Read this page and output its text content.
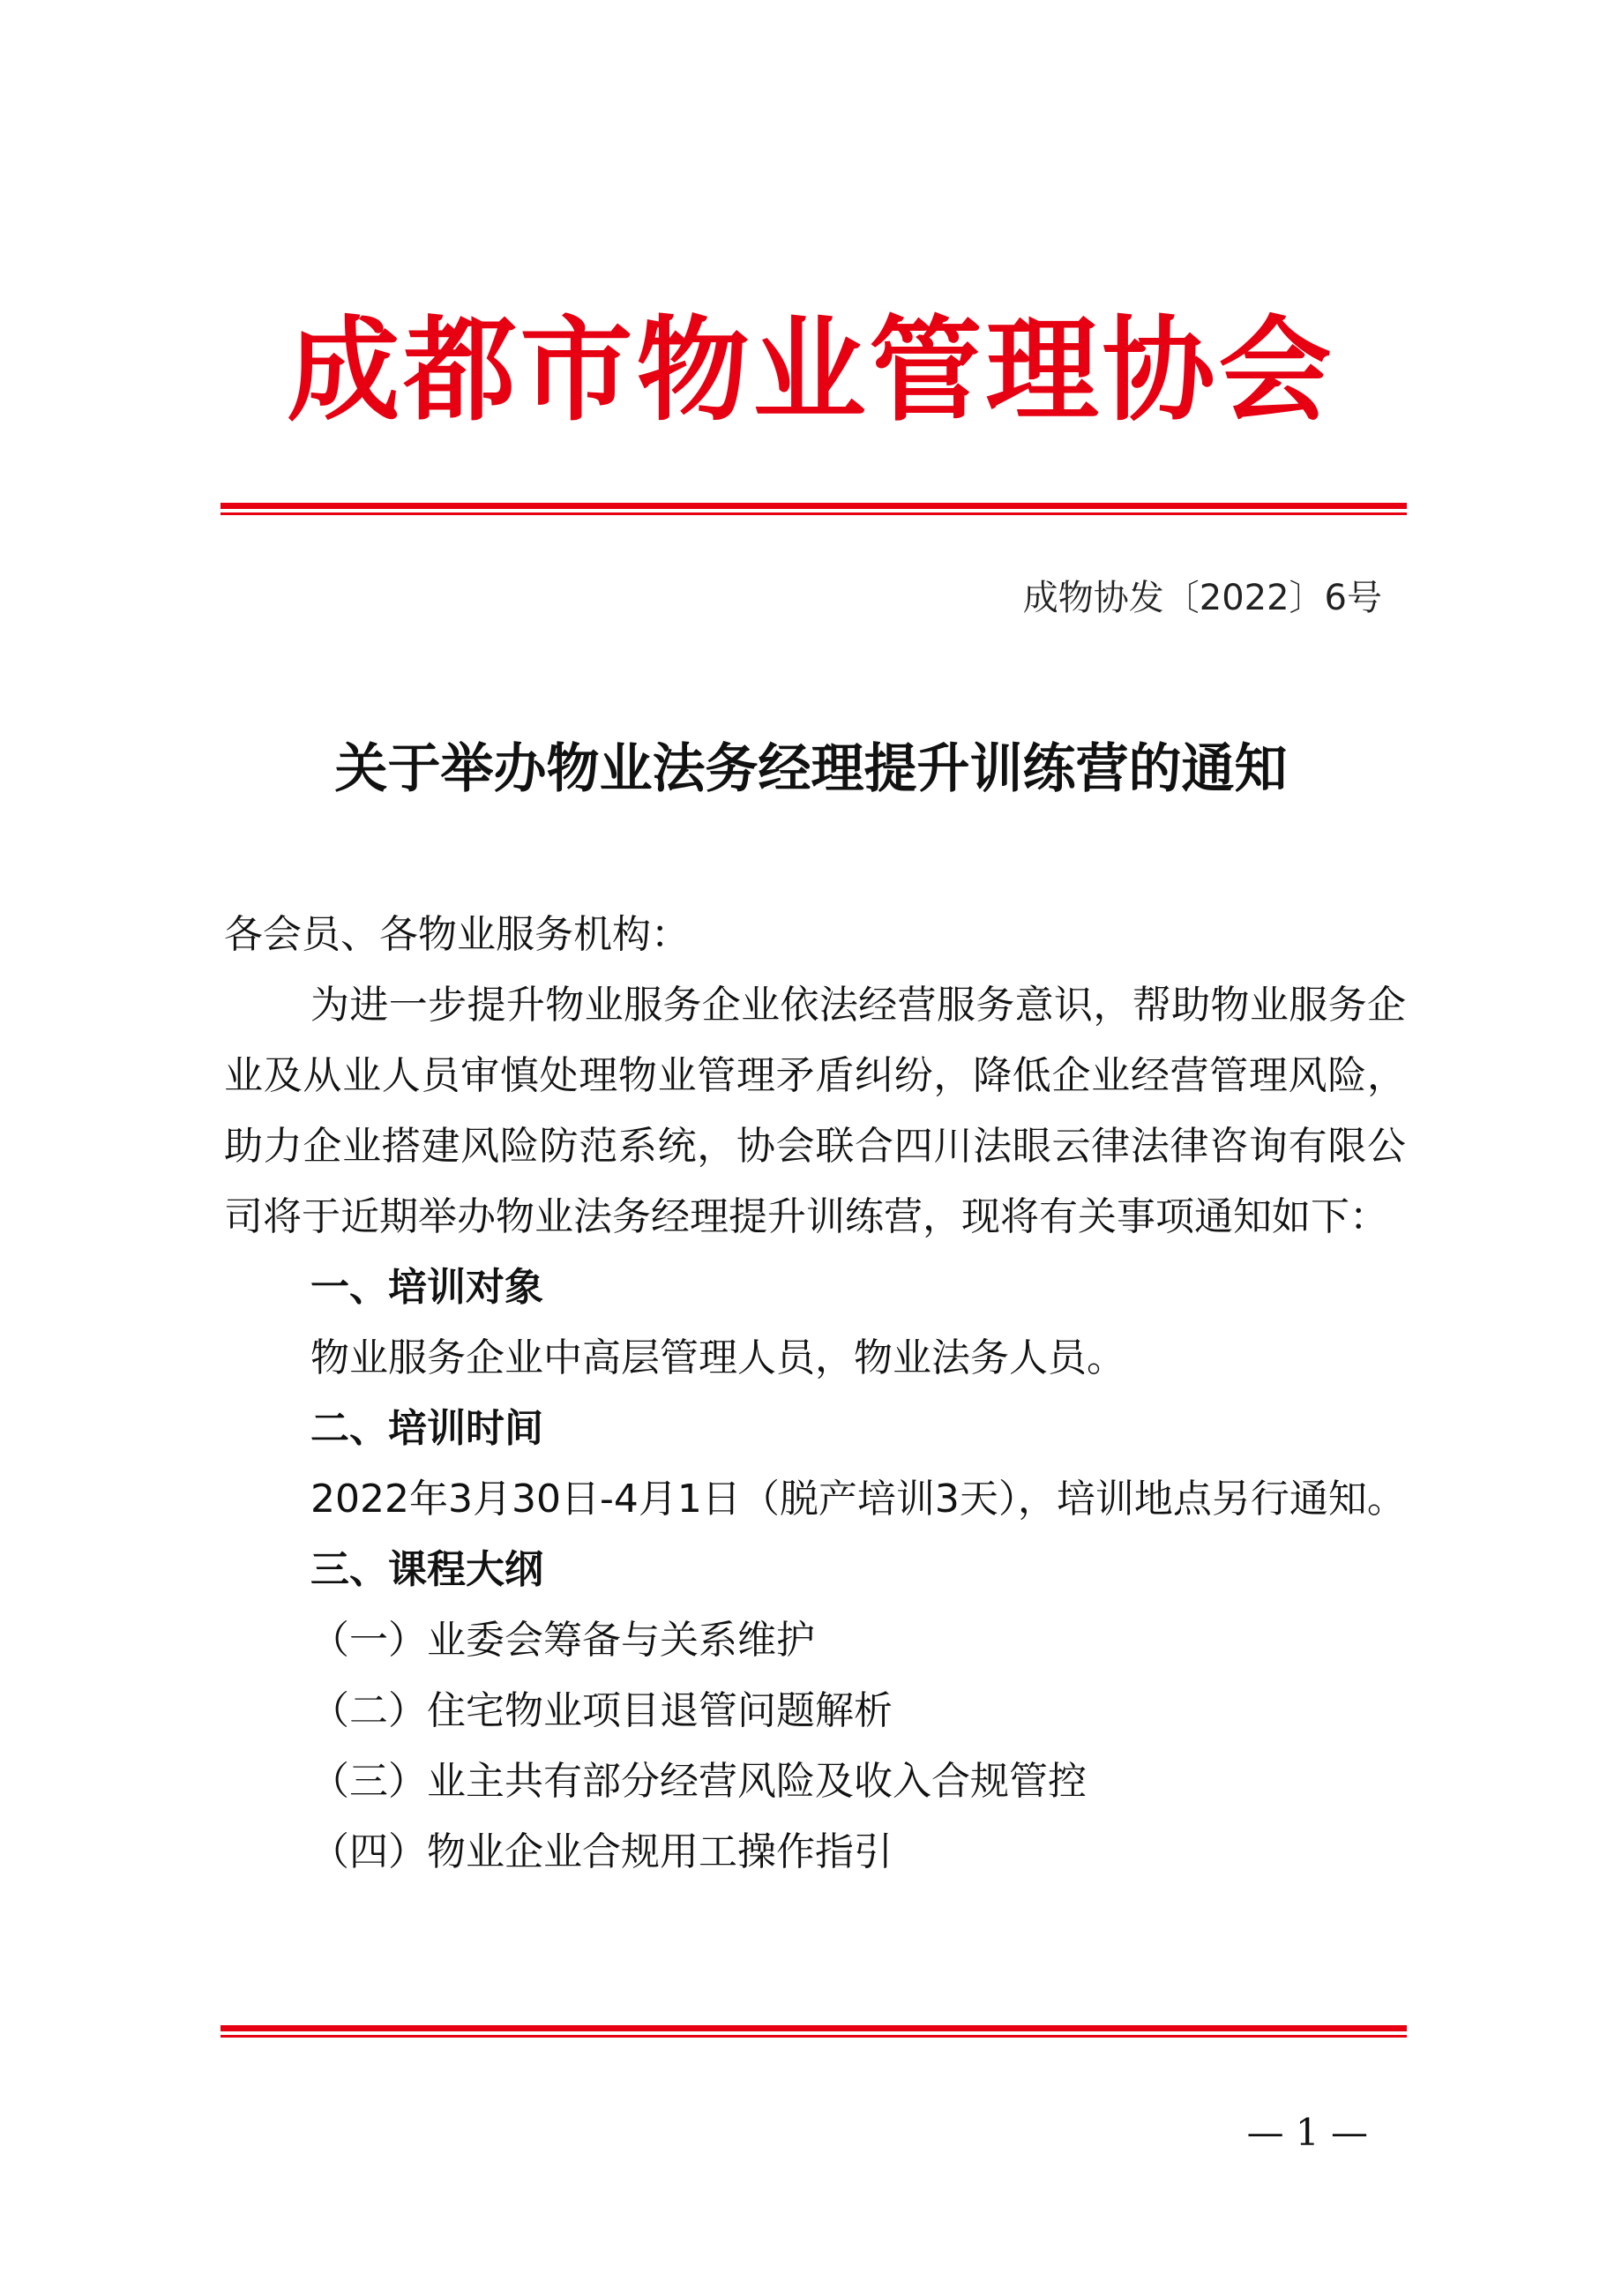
成都市物业管理协会
成物协发〔2022〕6号
关于举办物业法务经理提升训练营的通知

各会员、各物业服务机构：

为进一步提升物业服务企业依法经营服务意识，帮助物业服务企业及从业人员审慎处理物业管理矛盾纠纷，降低企业经营管理风险，助力企业搭建风险防范系统，协会联合四川法眼云律法律咨询有限公司将于近期举办物业法务经理提升训练营，现将有关事项通知如下：

一、培训对象

物业服务企业中高层管理人员，物业法务人员。

二、培训时间

2022年3月30日-4月1日（脱产培训3天），培训地点另行通知。

三、课程大纲

（一）业委会筹备与关系维护

（二）住宅物业项目退管问题解析

（三）业主共有部分经营风险及收入合规管控

（四）物业企业合规用工操作指引

— 1 —
